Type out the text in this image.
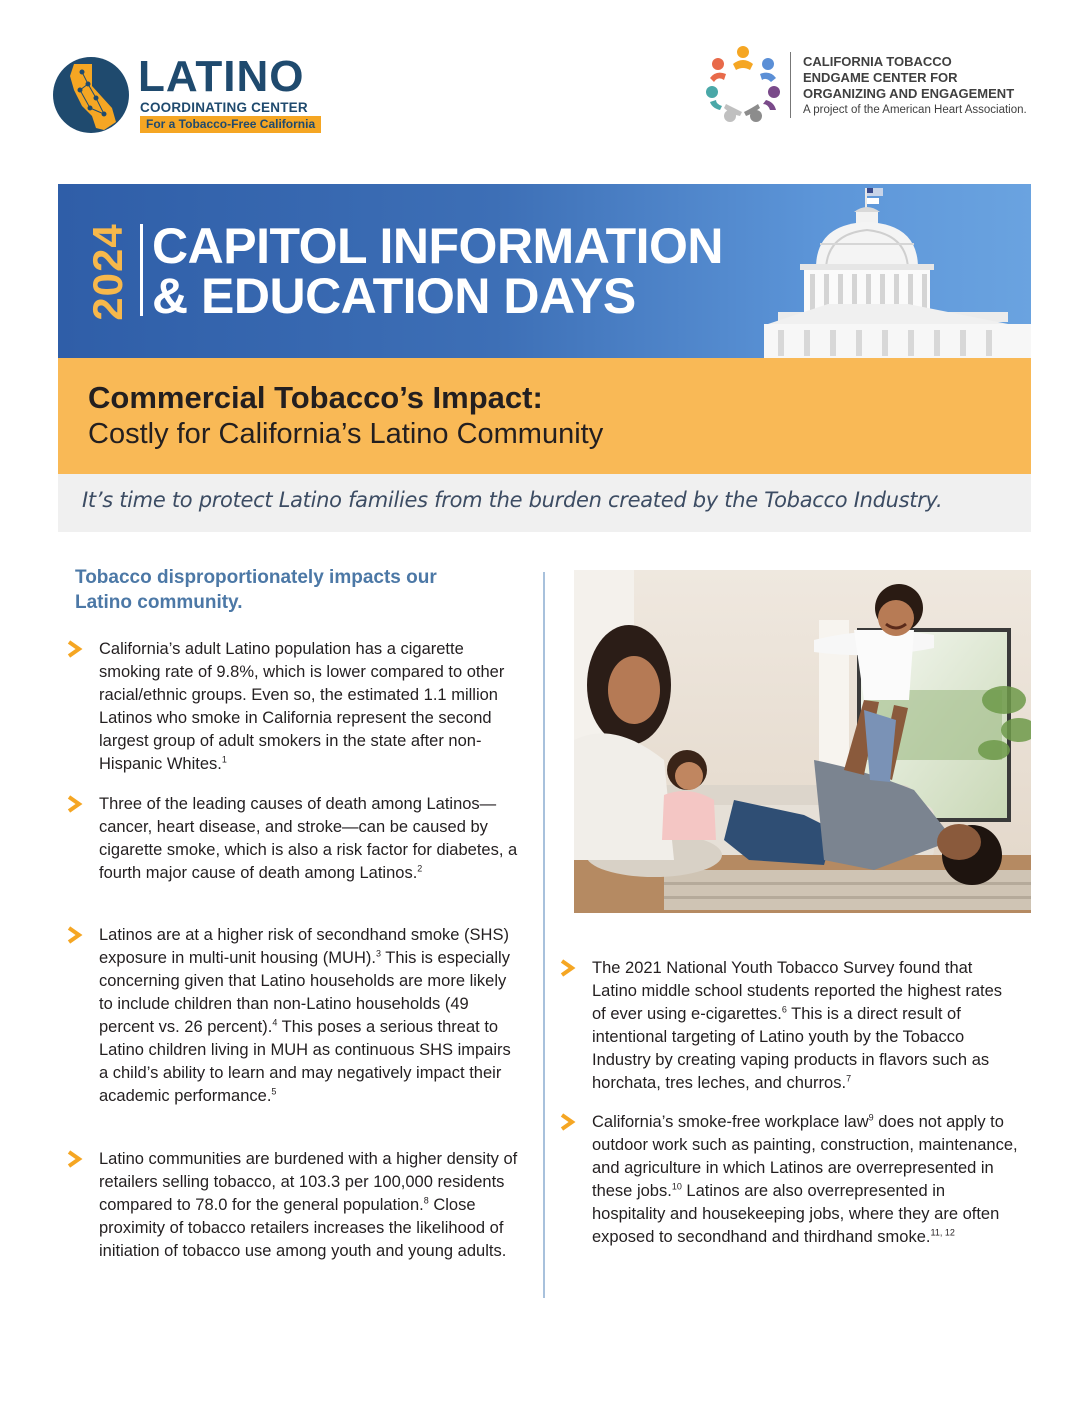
LATINO
COORDINATING CENTER
For a Tobacco-Free California
CALIFORNIA TOBACCO
ENDGAME CENTER FOR
ORGANIZING AND ENGAGEMENT
A project of the American Heart Association.
2024 CAPITOL INFORMATION
& EDUCATION DAYS
Commercial Tobacco’s Impact:
Costly for California’s Latino Community
It’s time to protect Latino families from the burden created by the Tobacco Industry.
Tobacco disproportionately impacts our Latino community.
California’s adult Latino population has a cigarette smoking rate of 9.8%, which is lower compared to other racial/ethnic groups. Even so, the estimated 1.1 million Latinos who smoke in California represent the second largest group of adult smokers in the state after non-Hispanic Whites.$^1$
Three of the leading causes of death among Latinos—cancer, heart disease, and stroke—can be caused by cigarette smoke, which is also a risk factor for diabetes, a fourth major cause of death among Latinos.$^2$
Latinos are at a higher risk of secondhand smoke (SHS) exposure in multi-unit housing (MUH).$^3$ This is especially concerning given that Latino households are more likely to include children than non-Latino households (49 percent vs. 26 percent).$^4$ This poses a serious threat to Latino children living in MUH as continuous SHS impairs a child’s ability to learn and may negatively impact their academic performance.$^5$
Latino communities are burdened with a higher density of retailers selling tobacco, at 103.3 per 100,000 residents compared to 78.0 for the general population.$^8$ Close proximity of tobacco retailers increases the likelihood of initiation of tobacco use among youth and young adults.
The 2021 National Youth Tobacco Survey found that Latino middle school students reported the highest rates of ever using e-cigarettes.$^6$ This is a direct result of intentional targeting of Latino youth by the Tobacco Industry by creating vaping products in flavors such as horchata, tres leches, and churros.$^7$
California’s smoke-free workplace law$^9$ does not apply to outdoor work such as painting, construction, maintenance, and agriculture in which Latinos are overrepresented in these jobs.$^{10}$ Latinos are also overrepresented in hospitality and housekeeping jobs, where they are often exposed to secondhand and thirdhand smoke.$^{11, 12}$
